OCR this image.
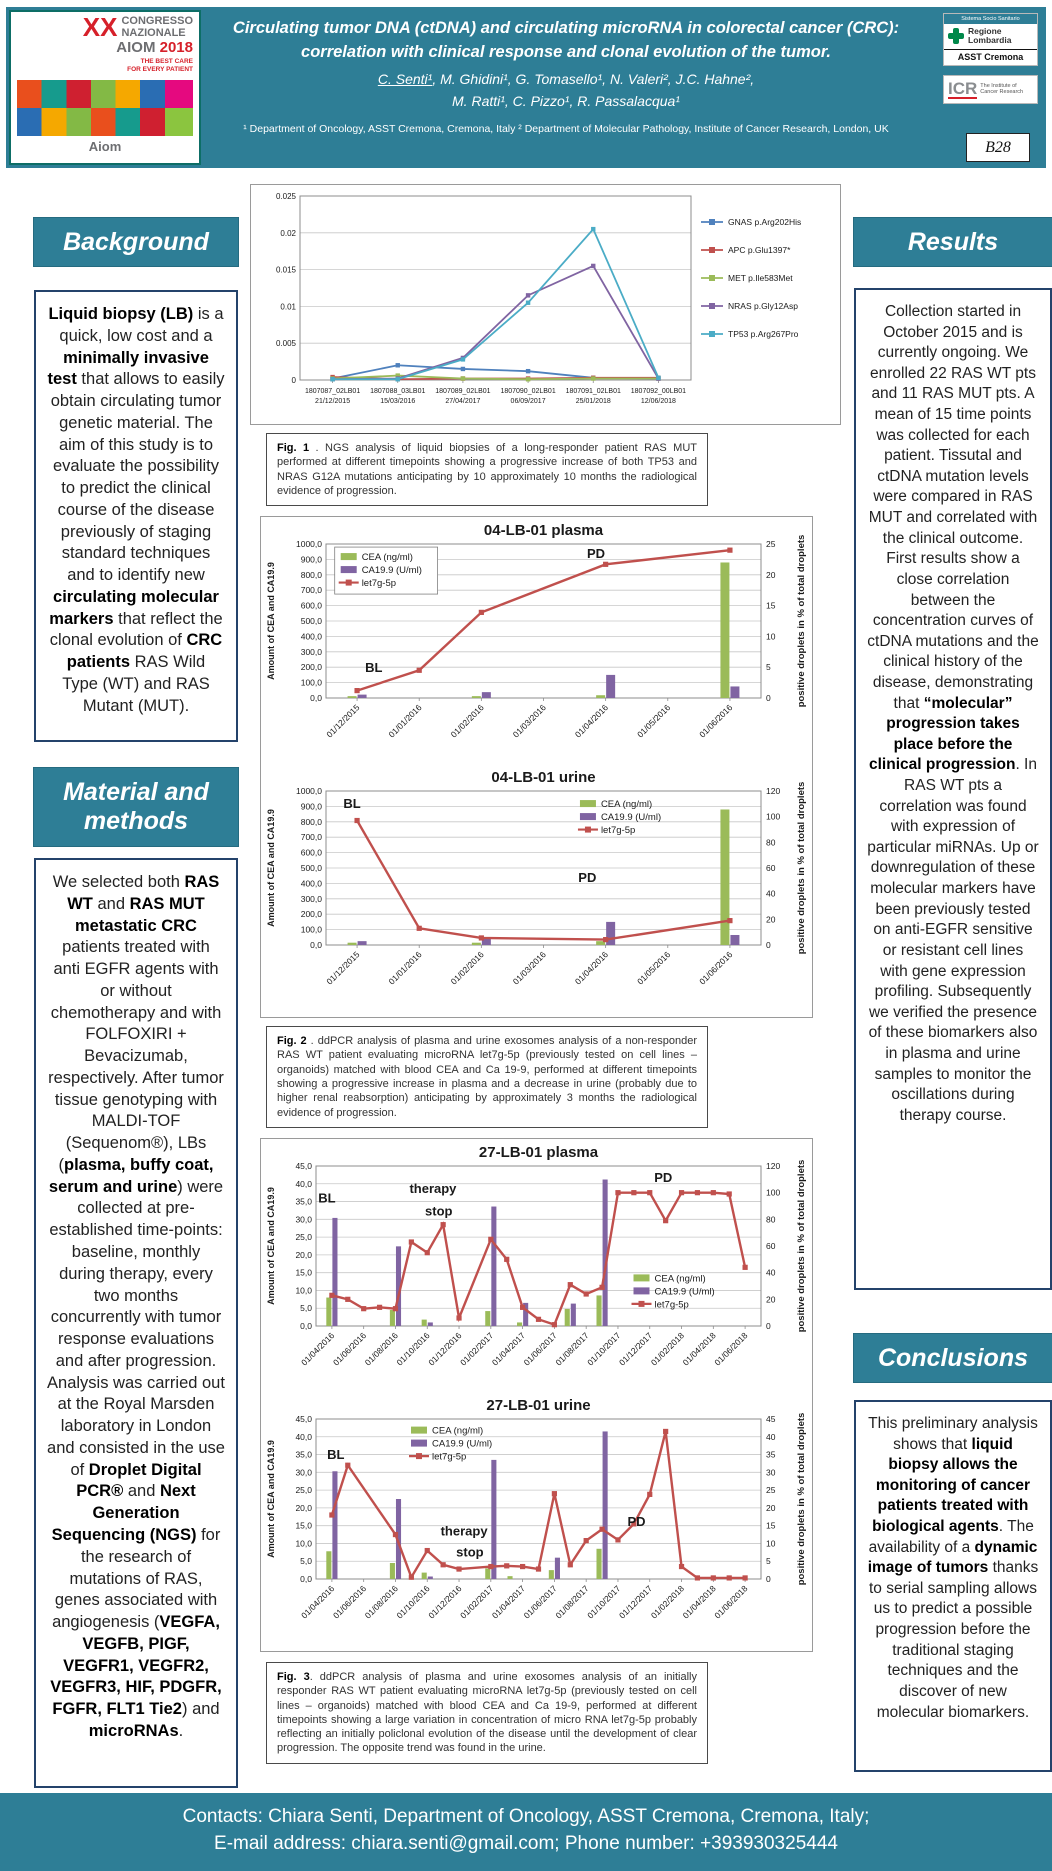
XX CONGRESSO
NAZIONALE
AIOM 2018
THE BEST CARE
FOR EVERY PATIENT
Aiom
Circulating tumor DNA (ctDNA) and circulating microRNA in colorectal cancer (CRC):
correlation with clinical response and clonal evolution of the tumor.
C. Senti¹, M. Ghidini¹, G. Tomasello¹, N. Valeri², J.C. Hahne²,
M. Ratti¹, C. Pizzo¹, R. Passalacqua¹
¹ Department of Oncology, ASST Cremona, Cremona, Italy ² Department of Molecular Pathology, Institute of Cancer Research, London, UK
Sistema Socio Sanitario
Regione
Lombardia
ASST Cremona
ICR The Institute of Cancer Research
B28
Background
Liquid biopsy (LB) is a quick, low cost and a minimally invasive test that allows to easily obtain circulating tumor genetic material. The aim of this study is to evaluate the possibility to predict the clinical course of the disease previously of staging standard techniques and to identify new circulating molecular markers that reflect the clonal evolution of CRC patients RAS Wild Type (WT) and RAS Mutant (MUT).
Material and methods
We selected both RAS WT and RAS MUT metastatic CRC patients treated with anti EGFR agents with or without chemotherapy and with FOLFOXIRI + Bevacizumab, respectively. After tumor tissue genotyping with MALDI-TOF (Sequenom®), LBs (plasma, buffy coat, serum and urine) were collected at pre-established time-points: baseline, monthly during therapy, every two months concurrently with tumor response evaluations and after progression. Analysis was carried out at the Royal Marsden laboratory in London and consisted in the use of Droplet Digital PCR® and Next Generation Sequencing (NGS) for the research of mutations of RAS, genes associated with angiogenesis (VEGFA, VEGFB, PIGF, VEGFR1, VEGFR2, VEGFR3, HIF, PDGFR, FGFR, FLT1 Tie2) and microRNAs.
0
0.005
0.01
0.015
0.02
0.025
1807087_02LB01
21/12/2015
1807088_03LB01
15/03/2016
1807089_02LB01
27/04/2017
1807090_02LB01
06/09/2017
1807091_02LB01
25/01/2018
1807092_00LB01
12/06/2018
GNAS p.Arg202His
APC p.Glu1397*
MET p.Ile583Met
NRAS p.Gly12Asp
TP53 p.Arg267Pro
Fig. 1 . NGS analysis of liquid biopsies of a long-responder patient RAS MUT performed at different timepoints showing a progressive increase of both TP53 and NRAS G12A mutations anticipating by 10 approximately 10 months the radiological evidence of progression.
04-LB-01 plasma
0,0
100,0
200,0
300,0
400,0
500,0
600,0
700,0
800,0
900,0
1000,0
0
5
10
15
20
25
Amount of CEA and CA19.9	positive droplets in % of total droplets
01/12/2015	01/01/2016	01/02/2016	01/03/2016	01/04/2016	01/05/2016	01/06/2016
BL
PD
CEA (ng/ml)
CA19.9 (U/ml)
let7g-5p
04-LB-01 urine
0,0
100,0
200,0
300,0
400,0
500,0
600,0
700,0
800,0
900,0
1000,0
0
20
40
60
80
100
120
Amount of CEA and CA19.9	positive droplets in % of total droplets
01/12/2015	01/01/2016	01/02/2016	01/03/2016	01/04/2016	01/05/2016	01/06/2016
BL
PD
CEA (ng/ml)
CA19.9 (U/ml)
let7g-5p
Fig. 2 . ddPCR analysis of plasma and urine exosomes analysis of a non-responder RAS WT patient evaluating microRNA let7g-5p (previously tested on cell lines – organoids) matched with blood CEA and Ca 19-9, performed at different timepoints showing a progressive increase in plasma and a decrease in urine (probably due to higher renal reabsorption) anticipating by approximately 3 months the radiological evidence of progression.
27-LB-01 plasma
0,0
5,0
10,0
15,0
20,0
25,0
30,0
35,0
40,0
45,0
0
20
40
60
80
100
120
Amount of CEA and CA19.9	positive droplets in % of total droplets
01/04/2016
01/06/2016
01/08/2016
01/10/2016
01/12/2016
01/02/2017
01/04/2017
01/06/2017
01/08/2017
01/10/2017
01/12/2017
01/02/2018
01/04/2018
01/06/2018
BL
therapy
stop
PD
CEA (ng/ml)
CA19.9 (U/ml)
let7g-5p
27-LB-01 urine
0,0
5,0
10,0
15,0
20,0
25,0
30,0
35,0
40,0
45,0
0
5
10
15
20
25
30
35
40
45
Amount of CEA and CA19.9	positive droplets in % of total droplets
01/04/2016
01/06/2016
01/08/2016
01/10/2016
01/12/2016
01/02/2017
01/04/2017
01/06/2017
01/08/2017
01/10/2017
01/12/2017
01/02/2018
01/04/2018
01/06/2018
BL
therapy
stop
PD
CEA (ng/ml)
CA19.9 (U/ml)
let7g-5p
Fig. 3. ddPCR analysis of plasma and urine exosomes analysis of an initially responder RAS WT patient evaluating microRNA let7g-5p (previously tested on cell lines – organoids) matched with blood CEA and Ca 19-9, performed at different timepoints showing a large variation in concentration of micro RNA let7g-5p probably reflecting an initially policlonal evolution of the disease until the development of clear progression. The opposite trend was found in the urine.
Results
Collection started in October 2015 and is currently ongoing. We enrolled 22 RAS WT pts and 11 RAS MUT pts. A mean of 15 time points was collected for each patient. Tissutal and ctDNA mutation levels were compared in RAS MUT and correlated with the clinical outcome. First results show a close correlation between the concentration curves of ctDNA mutations and the clinical history of the disease, demonstrating that “molecular” progression takes place before the clinical progression. In RAS WT pts a correlation was found with expression of particular miRNAs. Up or downregulation of these molecular markers have been previously tested on anti-EGFR sensitive or resistant cell lines with gene expression profiling. Subsequently we verified the presence of these biomarkers also in plasma and urine samples to monitor the oscillations during therapy course.
Conclusions
This preliminary analysis shows that liquid biopsy allows the monitoring of cancer patients treated with biological agents. The availability of a dynamic image of tumors thanks to serial sampling allows us to predict a possible progression before the traditional staging techniques and the discover of new molecular biomarkers.
Contacts: Chiara Senti, Department of Oncology, ASST Cremona, Cremona, Italy;
E-mail address: chiara.senti@gmail.com; Phone number: +393930325444
